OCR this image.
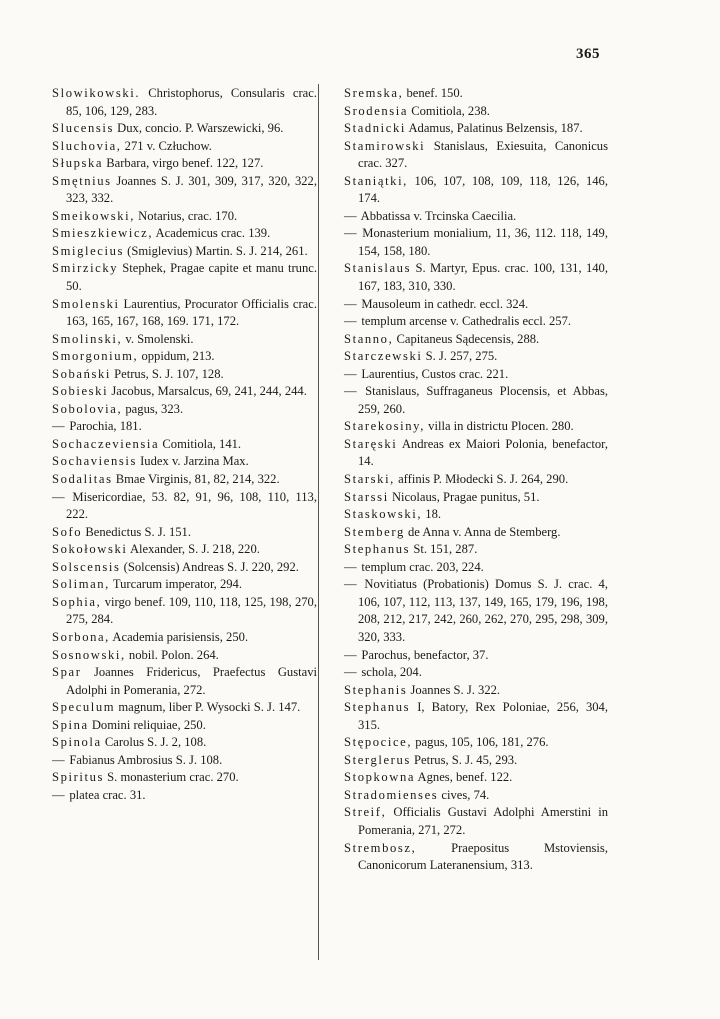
365
Slowikowski. Christophorus, Consularis crac. 85, 106, 129, 283.
Slucensis Dux, concio. P. Warszewicki, 96.
Sluchovia, 271 v. Człuchow.
Słupska Barbara, virgo benef. 122, 127.
Smętnius Joannes S. J. 301, 309, 317, 320, 322, 323, 332.
Smeikowski, Notarius, crac. 170.
Smieszkiewicz, Academicus crac. 139.
Smiglecius (Smiglevius) Martin. S. J. 214, 261.
Smirzicky Stephek, Pragae capite et manu trunc. 50.
Smolenski Laurentius, Procurator Officialis crac. 163, 165, 167, 168, 169. 171, 172.
Smolinski, v. Smolenski.
Smorgonium, oppidum, 213.
Sobański Petrus, S. J. 107, 128.
Sobieski Jacobus, Marsalcus, 69, 241, 244, 244.
Sobolovia, pagus, 323.
— Parochia, 181.
Sochaczeviensia Comitiola, 141.
Sochaviensis Iudex v. Jarzina Max.
Sodalitas Bmae Virginis, 81, 82, 214, 322.
— Misericordiae, 53. 82, 91, 96, 108, 110, 113, 222.
Sofo Benedictus S. J. 151.
Sokołowski Alexander, S. J. 218, 220.
Solscensis (Solcensis) Andreas S. J. 220, 292.
Soliman, Turcarum imperator, 294.
Sophia, virgo benef. 109, 110, 118, 125, 198, 270, 275, 284.
Sorbona, Academia parisiensis, 250.
Sosnowski, nobil. Polon. 264.
Spar Joannes Fridericus, Praefectus Gustavi Adolphi in Pomerania, 272.
Speculum magnum, liber P. Wysocki S. J. 147.
Spina Domini reliquiae, 250.
Spinola Carolus S. J. 2, 108.
— Fabianus Ambrosius S. J. 108.
Spiritus S. monasterium crac. 270.
— platea crac. 31.
Sremska, benef. 150.
Srodensia Comitiola, 238.
Stadnicki Adamus, Palatinus Belzensis, 187.
Stamirowski Stanislaus, Exiesuita, Canonicus crac. 327.
Staniątki, 106, 107, 108, 109, 118, 126, 146, 174.
— Abbatissa v. Trcinska Caecilia.
— Monasterium monialium, 11, 36, 112. 118, 149, 154, 158, 180.
Stanislaus S. Martyr, Epus. crac. 100, 131, 140, 167, 183, 310, 330.
— Mausoleum in cathedr. eccl. 324.
— templum arcense v. Cathedralis eccl. 257.
Stanno, Capitaneus Sądecensis, 288.
Starczewski S. J. 257, 275.
— Laurentius, Custos crac. 221.
— Stanislaus, Suffraganeus Plocensis, et Abbas, 259, 260.
Starekosiny, villa in districtu Plocen. 280.
Staręski Andreas ex Maiori Polonia, benefactor, 14.
Starski, affinis P. Młodecki S. J. 264, 290.
Starssi Nicolaus, Pragae punitus, 51.
Staskowski, 18.
Stemberg de Anna v. Anna de Stemberg.
Stephanus St. 151, 287.
— templum crac. 203, 224.
— Novitiatus (Probationis) Domus S. J. crac. 4, 106, 107, 112, 113, 137, 149, 165, 179, 196, 198, 208, 212, 217, 242, 260, 262, 270, 295, 298, 309, 320, 333.
— Parochus, benefactor, 37.
— schola, 204.
Stephanis Joannes S. J. 322.
Stephanus I, Batory, Rex Poloniae, 256, 304, 315.
Stępocice, pagus, 105, 106, 181, 276.
Sterglerus Petrus, S. J. 45, 293.
Stopkowna Agnes, benef. 122.
Stradomienses cives, 74.
Streif, Officialis Gustavi Adolphi Amerstini in Pomerania, 271, 272.
Strembosz, Praepositus Mstoviensis, Canonicorum Lateranensium, 313.
